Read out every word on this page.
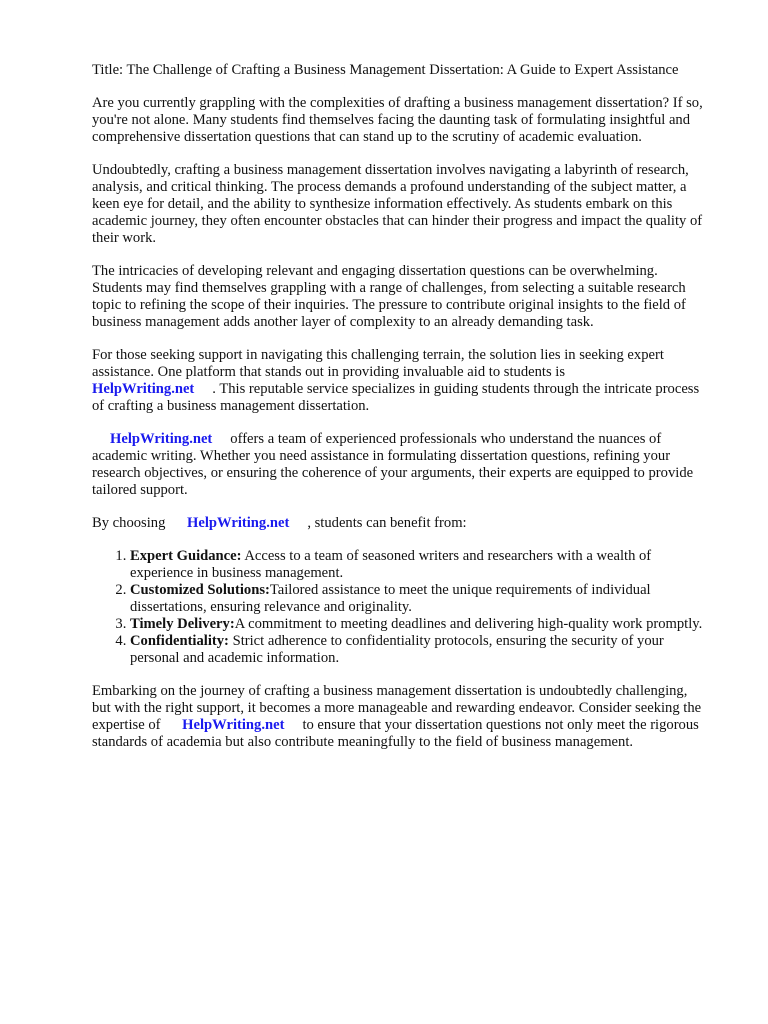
Title: The Challenge of Crafting a Business Management Dissertation: A Guide to Expert Assistance

Are you currently grappling with the complexities of drafting a business management dissertation? If so, you're not alone. Many students find themselves facing the daunting task of formulating insightful and comprehensive dissertation questions that can stand up to the scrutiny of academic evaluation.

Undoubtedly, crafting a business management dissertation involves navigating a labyrinth of research, analysis, and critical thinking. The process demands a profound understanding of the subject matter, a keen eye for detail, and the ability to synthesize information effectively. As students embark on this academic journey, they often encounter obstacles that can hinder their progress and impact the quality of their work.

The intricacies of developing relevant and engaging dissertation questions can be overwhelming. Students may find themselves grappling with a range of challenges, from selecting a suitable research topic to refining the scope of their inquiries. The pressure to contribute original insights to the field of business management adds another layer of complexity to an already demanding task.

For those seeking support in navigating this challenging terrain, the solution lies in seeking expert assistance. One platform that stands out in providing invaluable aid to students is
HelpWriting.net . This reputable service specializes in guiding students through the intricate process of crafting a business management dissertation.

HelpWriting.net offers a team of experienced professionals who understand the nuances of academic writing. Whether you need assistance in formulating dissertation questions, refining your research objectives, or ensuring the coherence of your arguments, their experts are equipped to provide tailored support.

By choosing HelpWriting.net , students can benefit from:

1. Expert Guidance: Access to a team of seasoned writers and researchers with a wealth of experience in business management.
2. Customized Solutions:Tailored assistance to meet the unique requirements of individual dissertations, ensuring relevance and originality.
3. Timely Delivery:A commitment to meeting deadlines and delivering high-quality work promptly.
4. Confidentiality: Strict adherence to confidentiality protocols, ensuring the security of your personal and academic information.

Embarking on the journey of crafting a business management dissertation is undoubtedly challenging, but with the right support, it becomes a more manageable and rewarding endeavor. Consider seeking the expertise of HelpWriting.net to ensure that your dissertation questions not only meet the rigorous standards of academia but also contribute meaningfully to the field of business management.
